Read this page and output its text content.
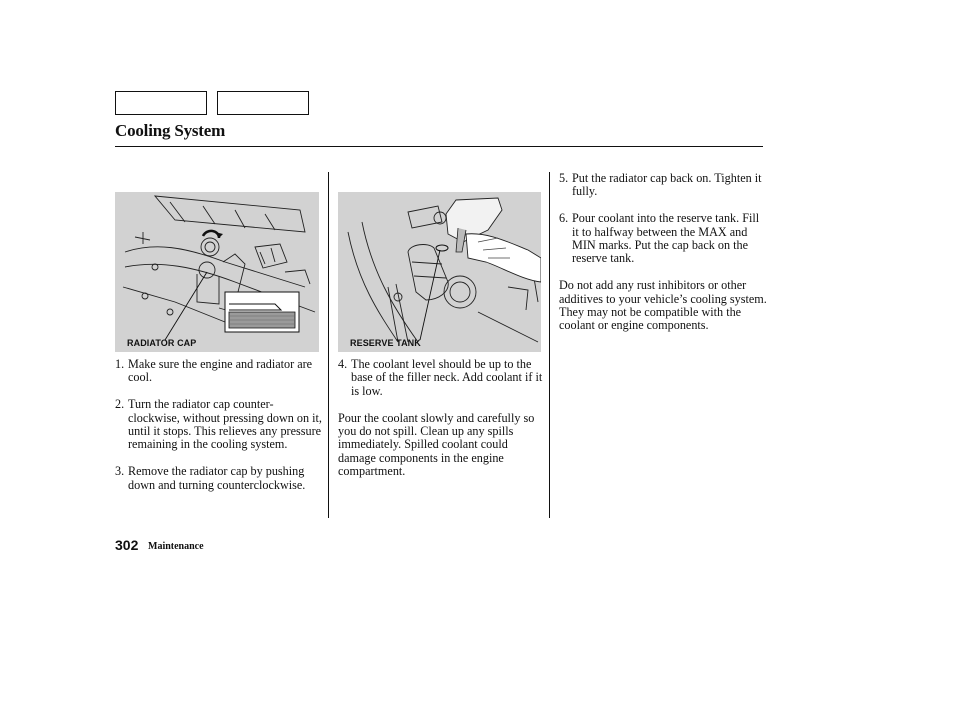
Cooling System
RADIATOR CAP	RESERVE TANK
1. Make sure the engine and radiator are cool.
2. Turn the radiator cap counter-clockwise, without pressing down on it, until it stops. This relieves any pressure remaining in the cooling system.
3. Remove the radiator cap by pushing down and turning counterclockwise.
4. The coolant level should be up to the base of the filler neck. Add coolant if it is low.

Pour the coolant slowly and carefully so you do not spill. Clean up any spills immediately. Spilled coolant could damage components in the engine compartment.

5. Put the radiator cap back on. Tighten it fully.
6. Pour coolant into the reserve tank. Fill it to halfway between the MAX and MIN marks. Put the cap back on the reserve tank.

Do not add any rust inhibitors or other additives to your vehicle’s cooling system. They may not be compatible with the coolant or engine components.

302 Maintenance
